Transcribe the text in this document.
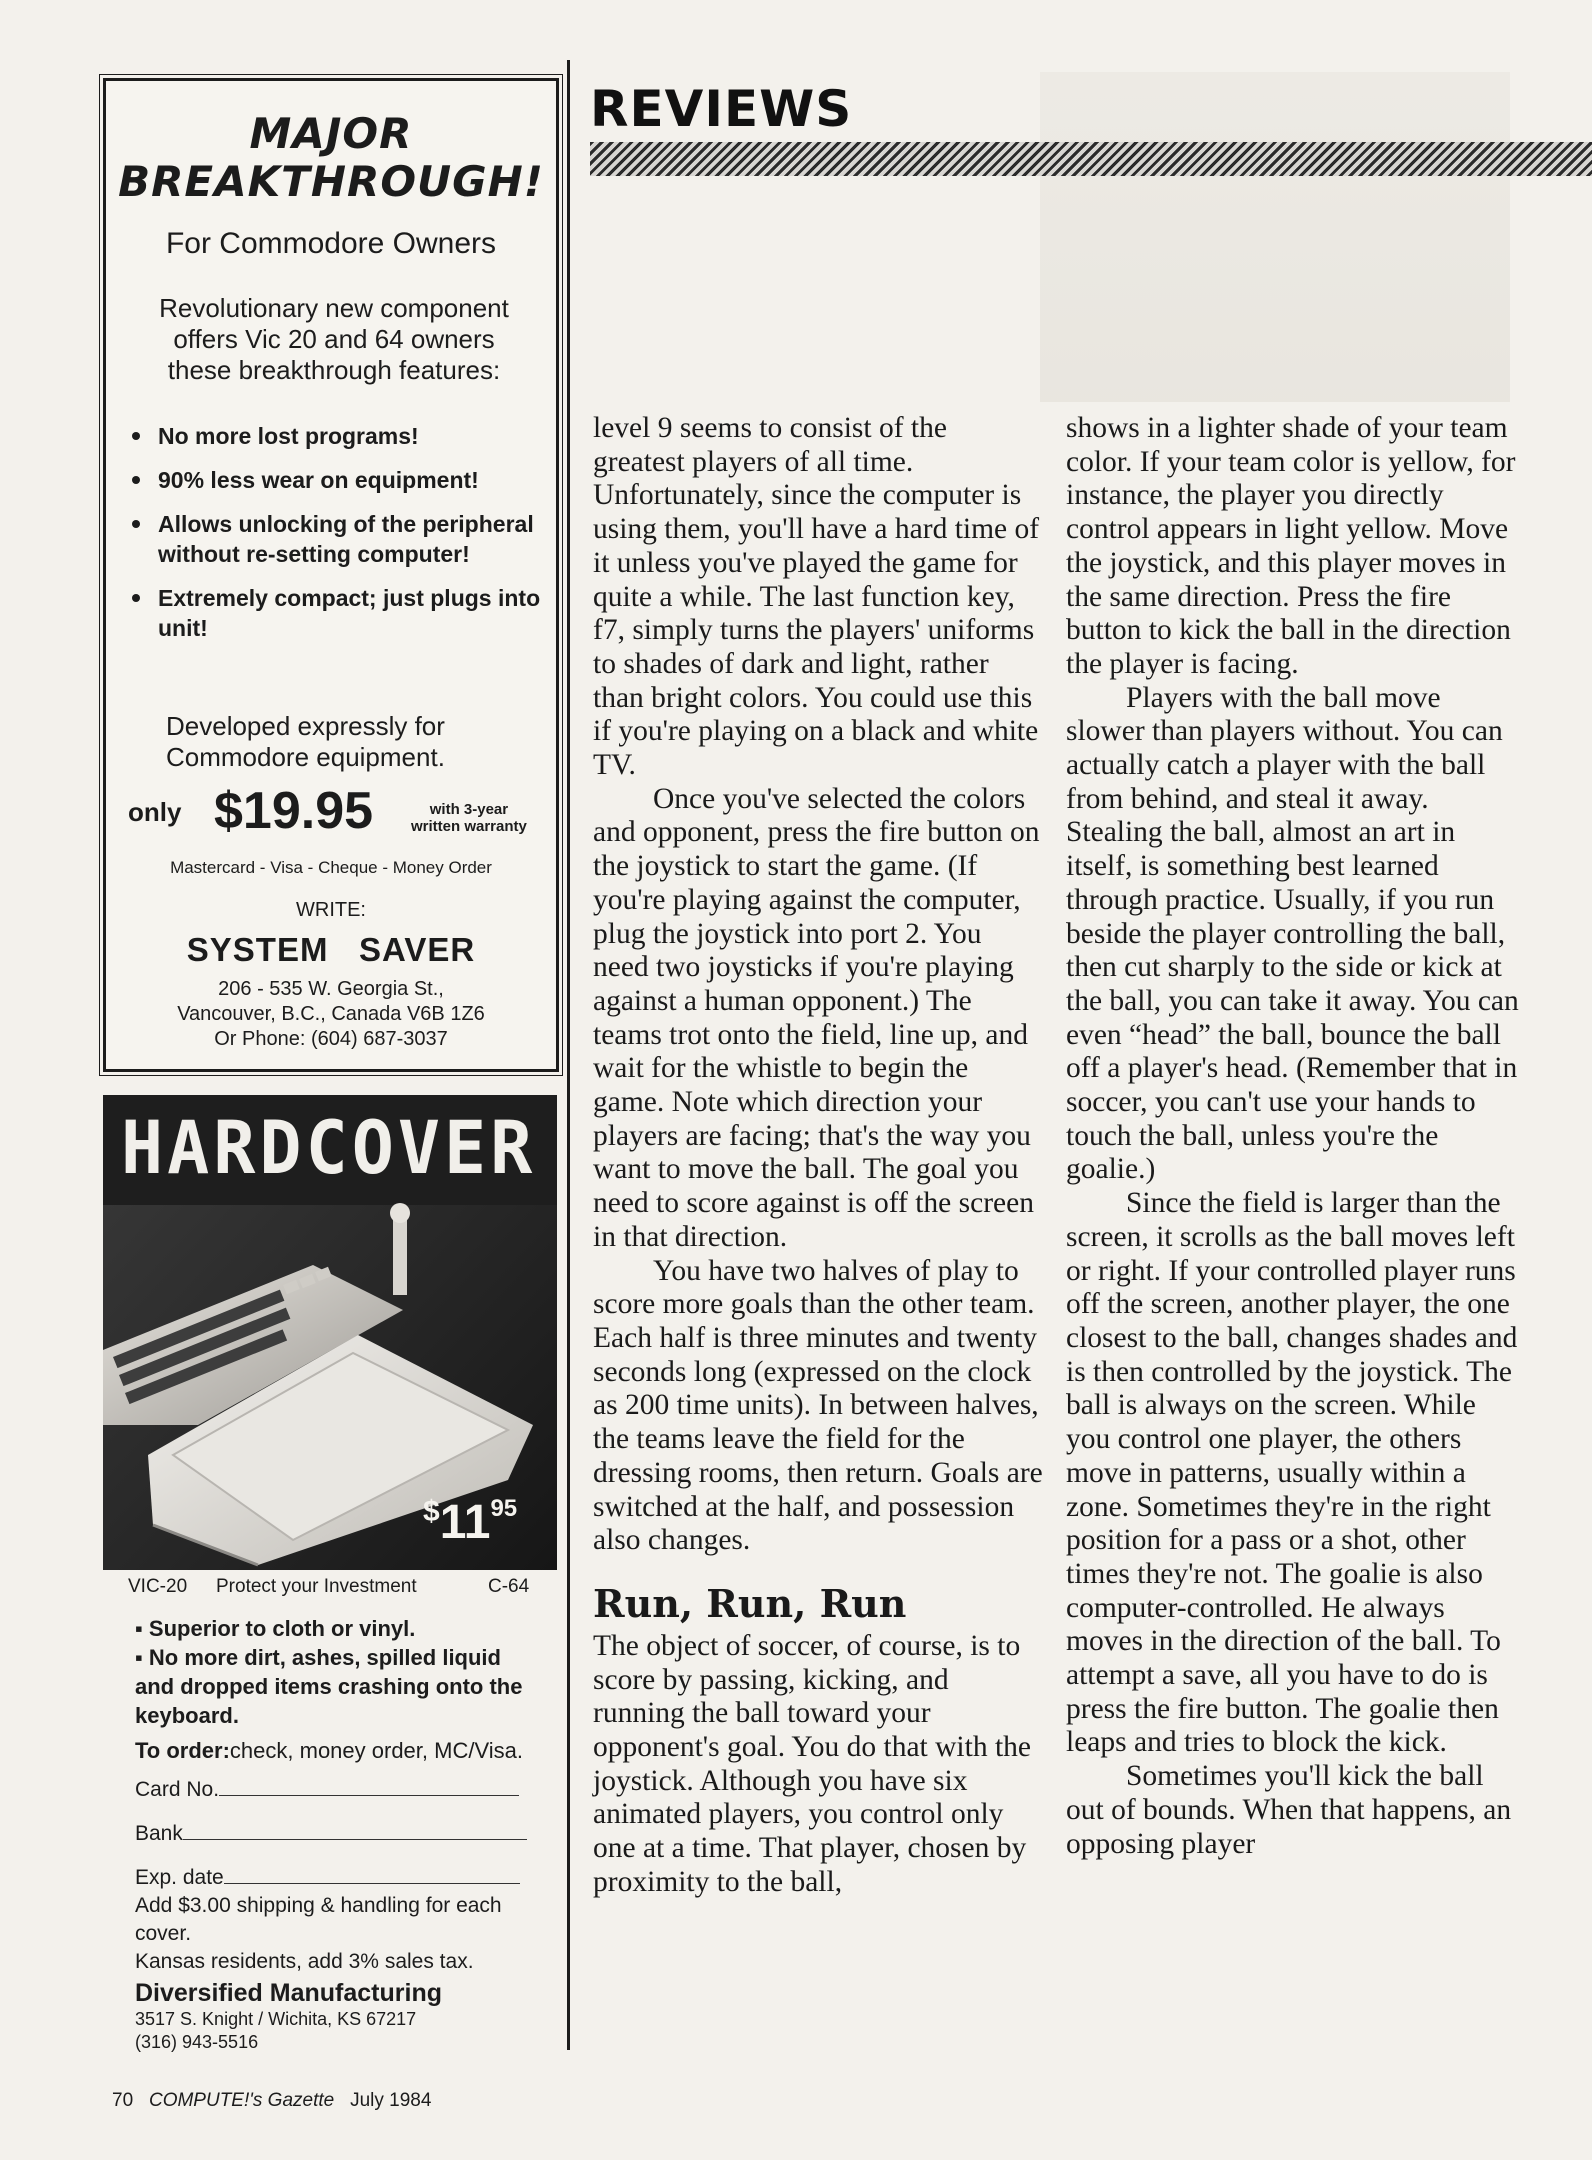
MAJOR
BREAKTHROUGH!
For Commodore Owners
Revolutionary new component offers Vic 20 and 64 owners these breakthrough features:
No more lost programs!
90% less wear on equipment!
Allows unlocking of the peripheral without re-setting computer!
Extremely compact; just plugs into unit!
Developed expressly for Commodore equipment.
only $19.95	with 3-year
written warranty
Mastercard - Visa - Cheque - Money Order
WRITE:
SYSTEM   SAVER
206 - 535 W. Georgia St.,
Vancouver, B.C., Canada V6B 1Z6
Or Phone: (604) 687-3037
HARDCOVER
$1195
VIC-20 Protect your Investment	C-64
▪ Superior to cloth or vinyl.
▪ No more dirt, ashes, spilled liquid and dropped items crashing onto the keyboard.
To order:check, money order, MC/Visa.
Card No.
Bank
Exp. date
Add $3.00 shipping & handling for each cover.
Kansas residents, add 3% sales tax.
Diversified Manufacturing
3517 S. Knight / Wichita, KS 67217
(316) 943-5516
REVIEWS

level 9 seems to consist of the greatest players of all time. Unfortunately, since the computer is using them, you'll have a hard time of it unless you've played the game for quite a while. The last function key, f7, simply turns the players' uniforms to shades of dark and light, rather than bright colors. You could use this if you're playing on a black and white TV.

Once you've selected the colors and opponent, press the fire button on the joystick to start the game. (If you're playing against the computer, plug the joystick into port 2. You need two joysticks if you're playing against a human opponent.) The teams trot onto the field, line up, and wait for the whistle to begin the game. Note which direction your players are facing; that's the way you want to move the ball. The goal you need to score against is off the screen in that direction.

You have two halves of play to score more goals than the other team. Each half is three minutes and twenty seconds long (expressed on the clock as 200 time units). In between halves, the teams leave the field for the dressing rooms, then return. Goals are switched at the half, and possession also changes.

Run, Run, Run

The object of soccer, of course, is to score by passing, kicking, and running the ball toward your opponent's goal. You do that with the joystick. Although you have six animated players, you control only one at a time. That player, chosen by proximity to the ball,

shows in a lighter shade of your team color. If your team color is yellow, for instance, the player you directly control appears in light yellow. Move the joystick, and this player moves in the same direction. Press the fire button to kick the ball in the direction the player is facing.

Players with the ball move slower than players without. You can actually catch a player with the ball from behind, and steal it away. Stealing the ball, almost an art in itself, is something best learned through practice. Usually, if you run beside the player controlling the ball, then cut sharply to the side or kick at the ball, you can take it away. You can even “head” the ball, bounce the ball off a player's head. (Remember that in soccer, you can't use your hands to touch the ball, unless you're the goalie.)

Since the field is larger than the screen, it scrolls as the ball moves left or right. If your controlled player runs off the screen, another player, the one closest to the ball, changes shades and is then controlled by the joystick. The ball is always on the screen. While you control one player, the others move in patterns, usually within a zone. Sometimes they're in the right position for a pass or a shot, other times they're not. The goalie is also computer-controlled. He always moves in the direction of the ball. To attempt a save, all you have to do is press the fire button. The goalie then leaps and tries to block the kick.

Sometimes you'll kick the ball out of bounds. When that happens, an opposing player

70 COMPUTE!'s Gazette July 1984
